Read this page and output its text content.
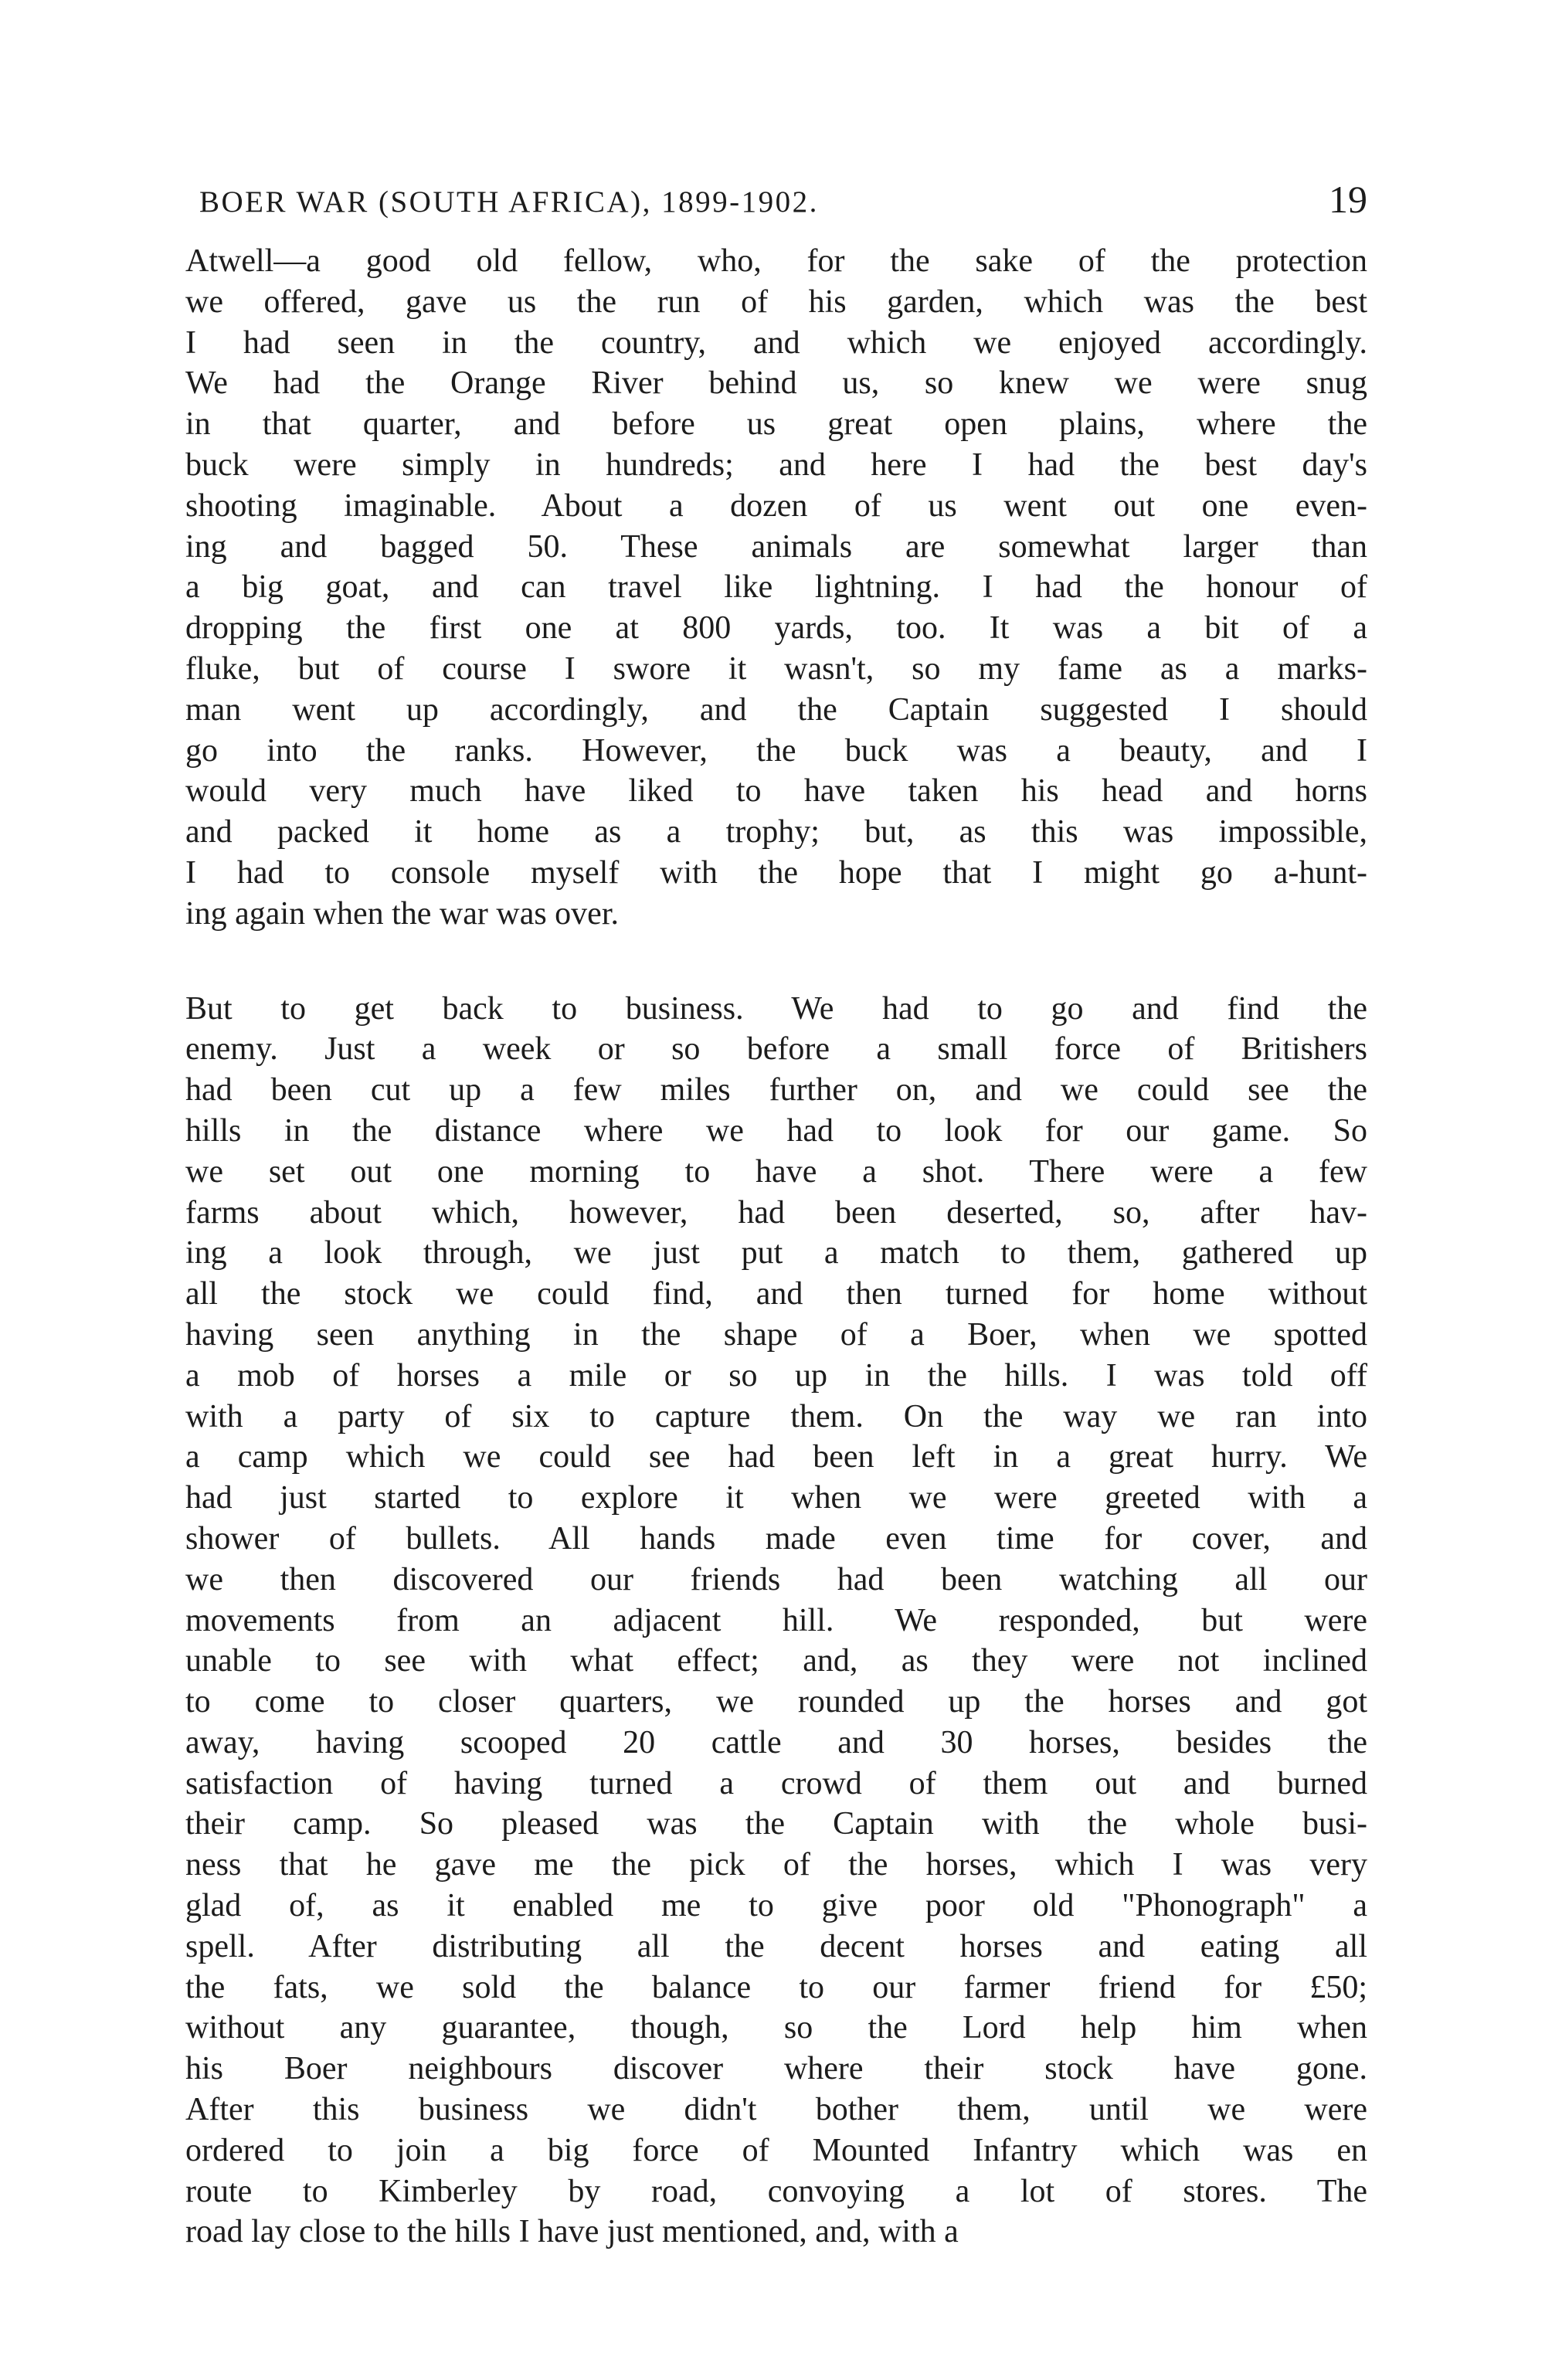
BOER WAR (SOUTH AFRICA), 1899-1902.	19
Atwell—a good old fellow, who, for the sake of the protection
we offered, gave us the run of his garden, which was the best
I had seen in the country, and which we enjoyed accordingly.
We had the Orange River behind us, so knew we were snug
in that quarter, and before us great open plains, where the
buck were simply in hundreds; and here I had the best day's
shooting imaginable. About a dozen of us went out one even-
ing and bagged 50. These animals are somewhat larger than
a big goat, and can travel like lightning. I had the honour of
dropping the first one at 800 yards, too. It was a bit of a
fluke, but of course I swore it wasn't, so my fame as a marks-
man went up accordingly, and the Captain suggested I should
go into the ranks. However, the buck was a beauty, and I
would very much have liked to have taken his head and horns
and packed it home as a trophy; but, as this was impossible,
I had to console myself with the hope that I might go a-hunt-
ing again when the war was over.
But to get back to business. We had to go and find the
enemy. Just a week or so before a small force of Britishers
had been cut up a few miles further on, and we could see the
hills in the distance where we had to look for our game. So
we set out one morning to have a shot. There were a few
farms about which, however, had been deserted, so, after hav-
ing a look through, we just put a match to them, gathered up
all the stock we could find, and then turned for home without
having seen anything in the shape of a Boer, when we spotted
a mob of horses a mile or so up in the hills. I was told off
with a party of six to capture them. On the way we ran into
a camp which we could see had been left in a great hurry. We
had just started to explore it when we were greeted with a
shower of bullets. All hands made even time for cover, and
we then discovered our friends had been watching all our
movements from an adjacent hill. We responded, but were
unable to see with what effect; and, as they were not inclined
to come to closer quarters, we rounded up the horses and got
away, having scooped 20 cattle and 30 horses, besides the
satisfaction of having turned a crowd of them out and burned
their camp. So pleased was the Captain with the whole busi-
ness that he gave me the pick of the horses, which I was very
glad of, as it enabled me to give poor old "Phonograph" a
spell. After distributing all the decent horses and eating all
the fats, we sold the balance to our farmer friend for £50;
without any guarantee, though, so the Lord help him when
his Boer neighbours discover where their stock have gone.
After this business we didn't bother them, until we were
ordered to join a big force of Mounted Infantry which was en
route to Kimberley by road, convoying a lot of stores. The
road lay close to the hills I have just mentioned, and, with a
